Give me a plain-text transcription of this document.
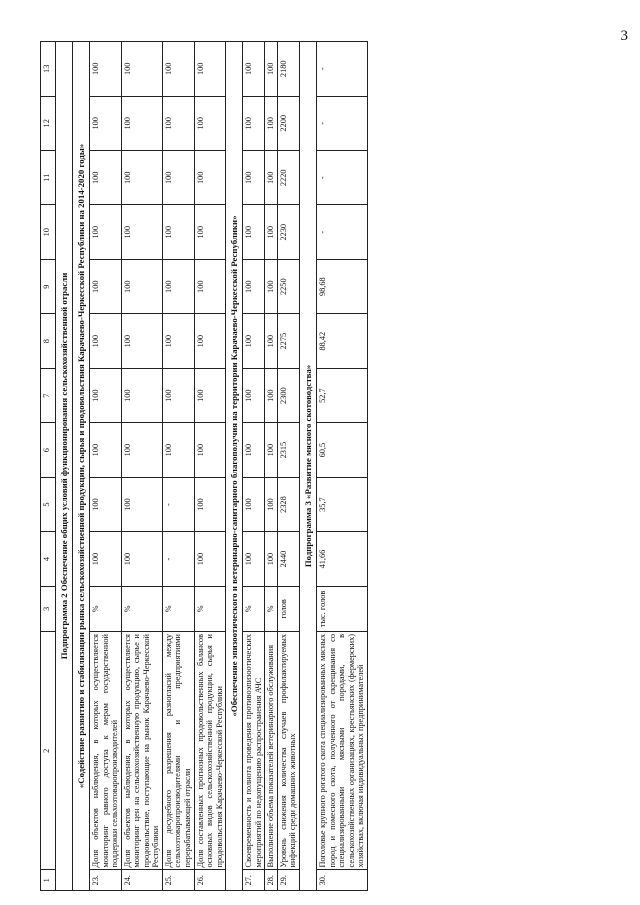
3
1	2	3	4	5	6	7	8	9	10	11	12	13
Подпрограмма 2 Обеспечение общих условий функционирования сельскохозяйственной отрасли												
«Содействие развитию и стабилизации рынка сельскохозяйственной продукции, сырья и продовольствия Карачаево-Черкесской Республики на 2014-2020 годы»												
23.	Доля объектов наблюдения, в которых осуществляется мониторинг равного доступа к мерам государственной поддержки сельхозтоваропроизводителей	%	100	100	100	100	100	100	100	100	100	100
24.	Доля объектов наблюдения, в которых осуществляется мониторинг цен на сельскохозяйственную продукцию, сырье и продовольствие, поступающие на рынок Карачаево-Черкесской Республики	%	100	100	100	100	100	100	100	100	100	100
25.	Доля досудебного разрешения разногласий между сельхозтоваропроизводителями и предприятиями перерабатывающей отрасли	%	-	-	100	100	100	100	100	100	100	100
26.	Доля составленных прогнозных продовольственных балансов основных видов сельскохозяйственной продукции, сырья и продовольствия Карачаево-Черкесской Республики	%	100	100	100	100	100	100	100	100	100	100
«Обеспечение эпизоотического и ветеринарно-санитарного благополучия на территории Карачаево-Черкесской Республики»												
27.	Своевременность и полнота проведения противоэпизоотических мероприятий по недопущению распространения АЧС	%	100	100	100	100	100	100	100	100	100	100
28.	Выполнение объема показателей ветеринарного обслуживания	%	100	100	100	100	100	100	100	100	100	100
29.	Уровень снижения количества случаев профилактируемых инфекций среди домашних животных	голов	2440	2328	2315	2300	2275	2250	2230	2220	2200	2180
Подпрограмма 3 «Развитие мясного скотоводства»												
30.	Поголовье крупного рогатого скота специализированных мясных пород и помесного скота, полученного от скрещивания со специализированными мясными породами, в сельскохозяйственных организациях, крестьянских (фермерских) хозяйствах, включая индивидуальных предпринимателей	тыс. голов	41,66	35,7	60,5	52,7	88,42	98,68	-	-	-	-
